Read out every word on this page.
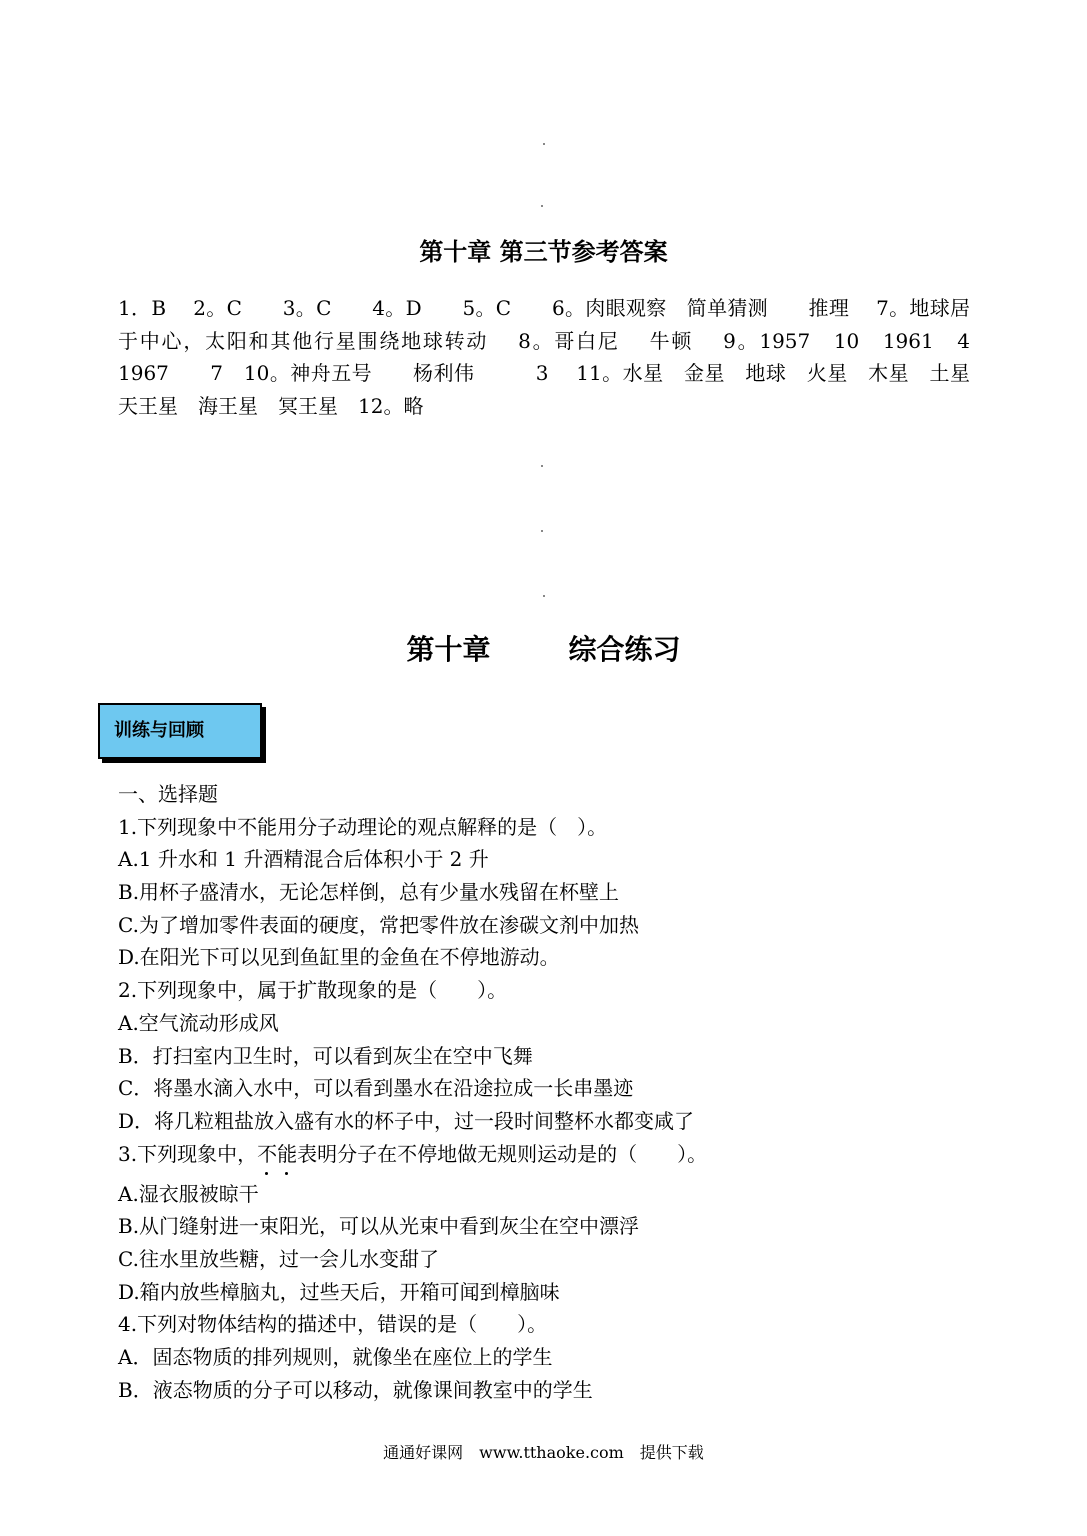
第十章 第三节参考答案
1．B　 2。C　　3。C　　4。D　　5。C　　6。肉眼观察　简单猜测　　推理　 7。地球居于中心，太阳和其他行星围绕地球转动　 8。哥白尼　 牛顿　 9。1957　10　1961　4　1967　　7　10。神舟五号　　杨利伟　　　3　 11。水星　金星　地球　火星　木星　土星　天王星　海王星　冥王星　12。略
第十章	综合练习
训练与回顾
一、选择题
1.下列现象中不能用分子动理论的观点解释的是（　）。
A.1 升水和 1 升酒精混合后体积小于 2 升
B.用杯子盛清水，无论怎样倒，总有少量水残留在杯壁上
C.为了增加零件表面的硬度，常把零件放在渗碳文剂中加热
D.在阳光下可以见到鱼缸里的金鱼在不停地游动。
2.下列现象中，属于扩散现象的是（　　）。
A.空气流动形成风
B．打扫室内卫生时，可以看到灰尘在空中飞舞
C．将墨水滴入水中，可以看到墨水在沿途拉成一长串墨迹
D．将几粒粗盐放入盛有水的杯子中，过一段时间整杯水都变咸了
3.下列现象中，不能表明分子在不停地做无规则运动是的（　　）。
A.湿衣服被晾干
B.从门缝射进一束阳光，可以从光束中看到灰尘在空中漂浮
C.往水里放些糖，过一会儿水变甜了
D.箱内放些樟脑丸，过些天后，开箱可闻到樟脑味
4.下列对物体结构的描述中，错误的是（　　）。
A．固态物质的排列规则，就像坐在座位上的学生
B．液态物质的分子可以移动，就像课间教室中的学生
通通好课网　www.tthaoke.com　提供下载
